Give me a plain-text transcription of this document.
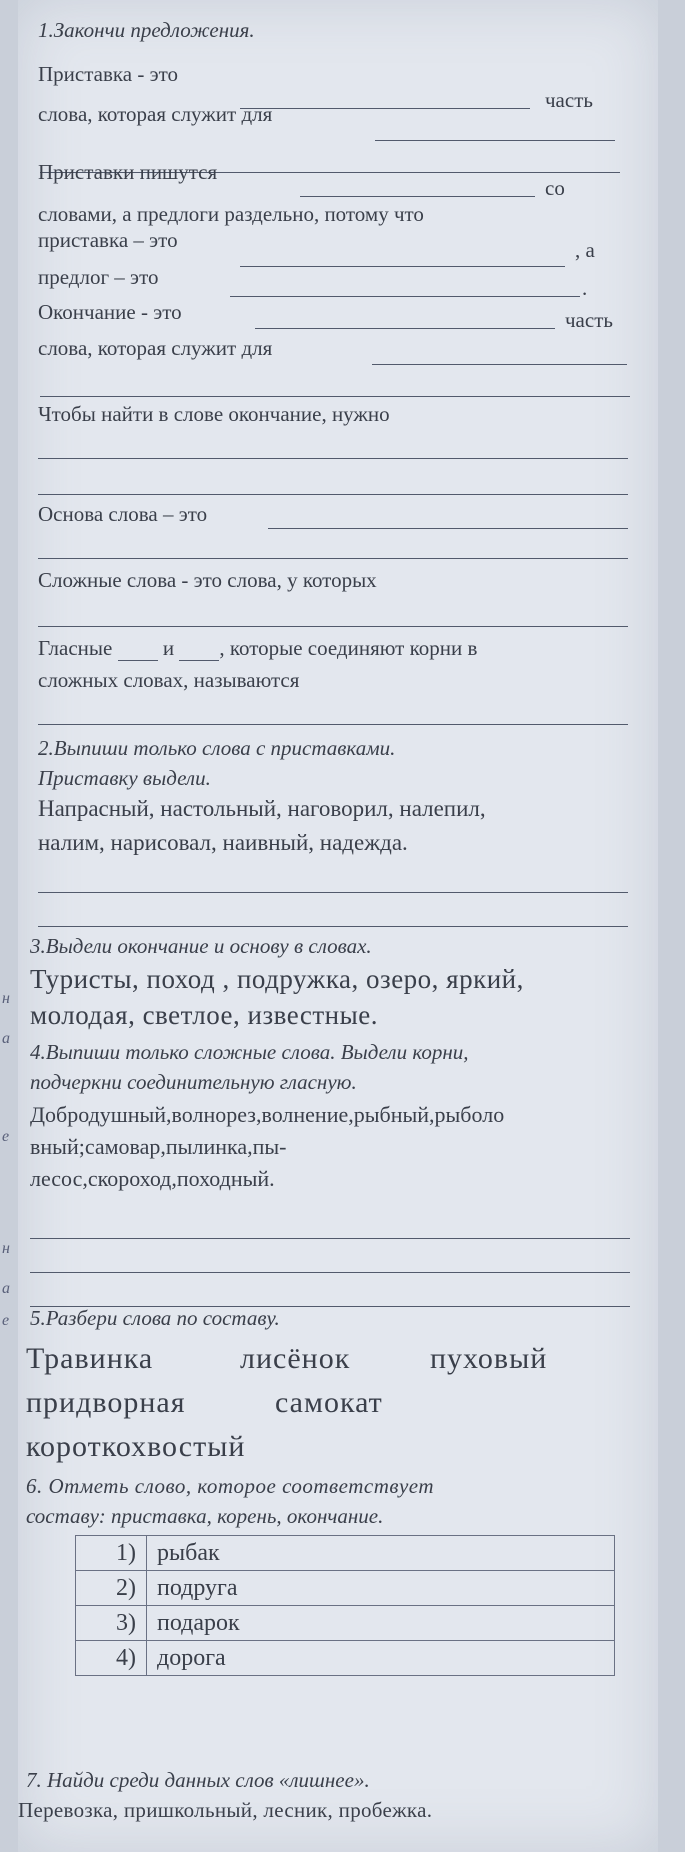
н
а
е
н
а
е
1.Закончи предложения.
Приставка - это
часть
слова, которая служит для
Приставки пишутся
со
словами, а предлоги раздельно, потому что
приставка – это	, а
предлог – это	.
Окончание - это	часть
слова, которая служит для
Чтобы найти в слове окончание, нужно
Основа слова – это
Сложные слова - это слова, у которых
Гласные и , которые соединяют корни в
сложных словах, называются
2.Выпиши только слова с приставками.
Приставку выдели.
Напрасный, настольный, наговорил, налепил,
налим, нарисовал, наивный, надежда.
3.Выдели окончание и основу в словах.
Туристы, поход , подружка, озеро, яркий,
молодая, светлое, известные.
4.Выпиши только сложные слова. Выдели корни,
подчеркни соединительную гласную.
Добродушный,волнорез,волнение,рыбный,рыболо
вный;самовар,пылинка,пы-
лесос,скороход,походный.
5.Разбери слова по составу.
Травинка	лисёнок	пуховый
придворная	самокат
короткохвостый
6. Отметь слово, которое соответствует
составу: приставка, корень, окончание.
1)	рыбак
2)	подруга
3)	подарок
4)	дорога
7. Найди среди данных слов «лишнее».
Перевозка, пришкольный, лесник, пробежка.
